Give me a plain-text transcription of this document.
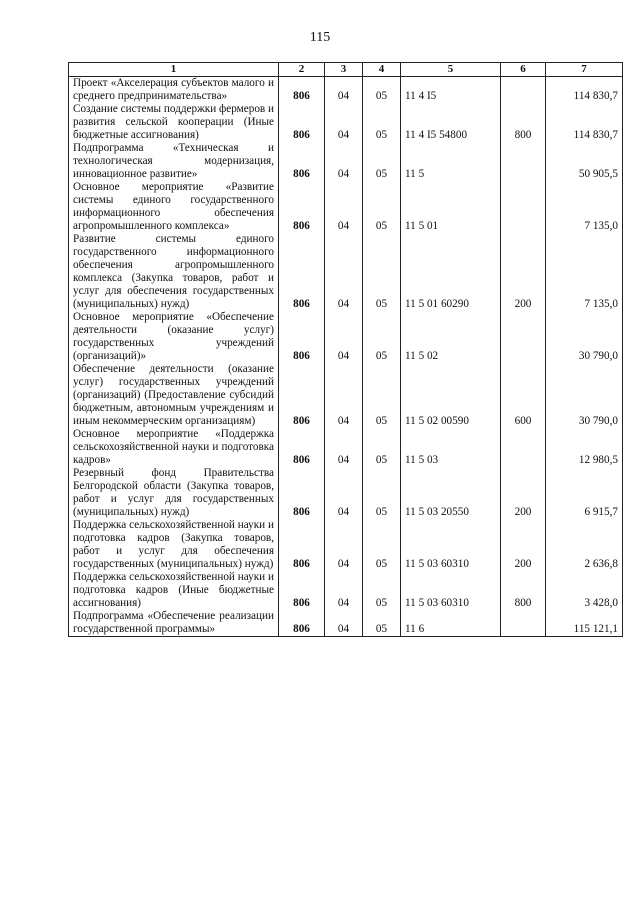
115
1	2	3	4	5	6	7
Проект «Акселерация субъектов малого и среднего предпринимательства»	806	04	05	11 4 I5		114 830,7
Создание системы поддержки фермеров и развития сельской кооперации (Иные бюджетные ассигнования)	806	04	05	11 4 I5 54800	800	114 830,7
Подпрограмма «Техническая и технологическая модернизация, инновационное развитие»	806	04	05	11 5		50 905,5
Основное мероприятие «Развитие системы единого государственного информационного обеспечения агропромышленного комплекса»	806	04	05	11 5 01		7 135,0
Развитие системы единого государственного информационного обеспечения агропромышленного комплекса (Закупка товаров, работ и услуг для обеспечения государственных (муниципальных) нужд)	806	04	05	11 5 01 60290	200	7 135,0
Основное мероприятие «Обеспечение деятельности (оказание услуг) государственных учреждений (организаций)»	806	04	05	11 5 02		30 790,0
Обеспечение деятельности (оказание услуг) государственных учреждений (организаций) (Предоставление субсидий бюджетным, автономным учреждениям и иным некоммерческим организациям)	806	04	05	11 5 02 00590	600	30 790,0
Основное мероприятие «Поддержка сельскохозяйственной науки и подготовка кадров»	806	04	05	11 5 03		12 980,5
Резервный фонд Правительства Белгородской области (Закупка товаров, работ и услуг для государственных (муниципальных) нужд)	806	04	05	11 5 03 20550	200	6 915,7
Поддержка сельскохозяйственной науки и подготовка кадров (Закупка товаров, работ и услуг для обеспечения государственных (муниципальных) нужд)	806	04	05	11 5 03 60310	200	2 636,8
Поддержка сельскохозяйственной науки и подготовка кадров (Иные бюджетные ассигнования)	806	04	05	11 5 03 60310	800	3 428,0
Подпрограмма «Обеспечение реализации государственной программы»	806	04	05	11 6		115 121,1
